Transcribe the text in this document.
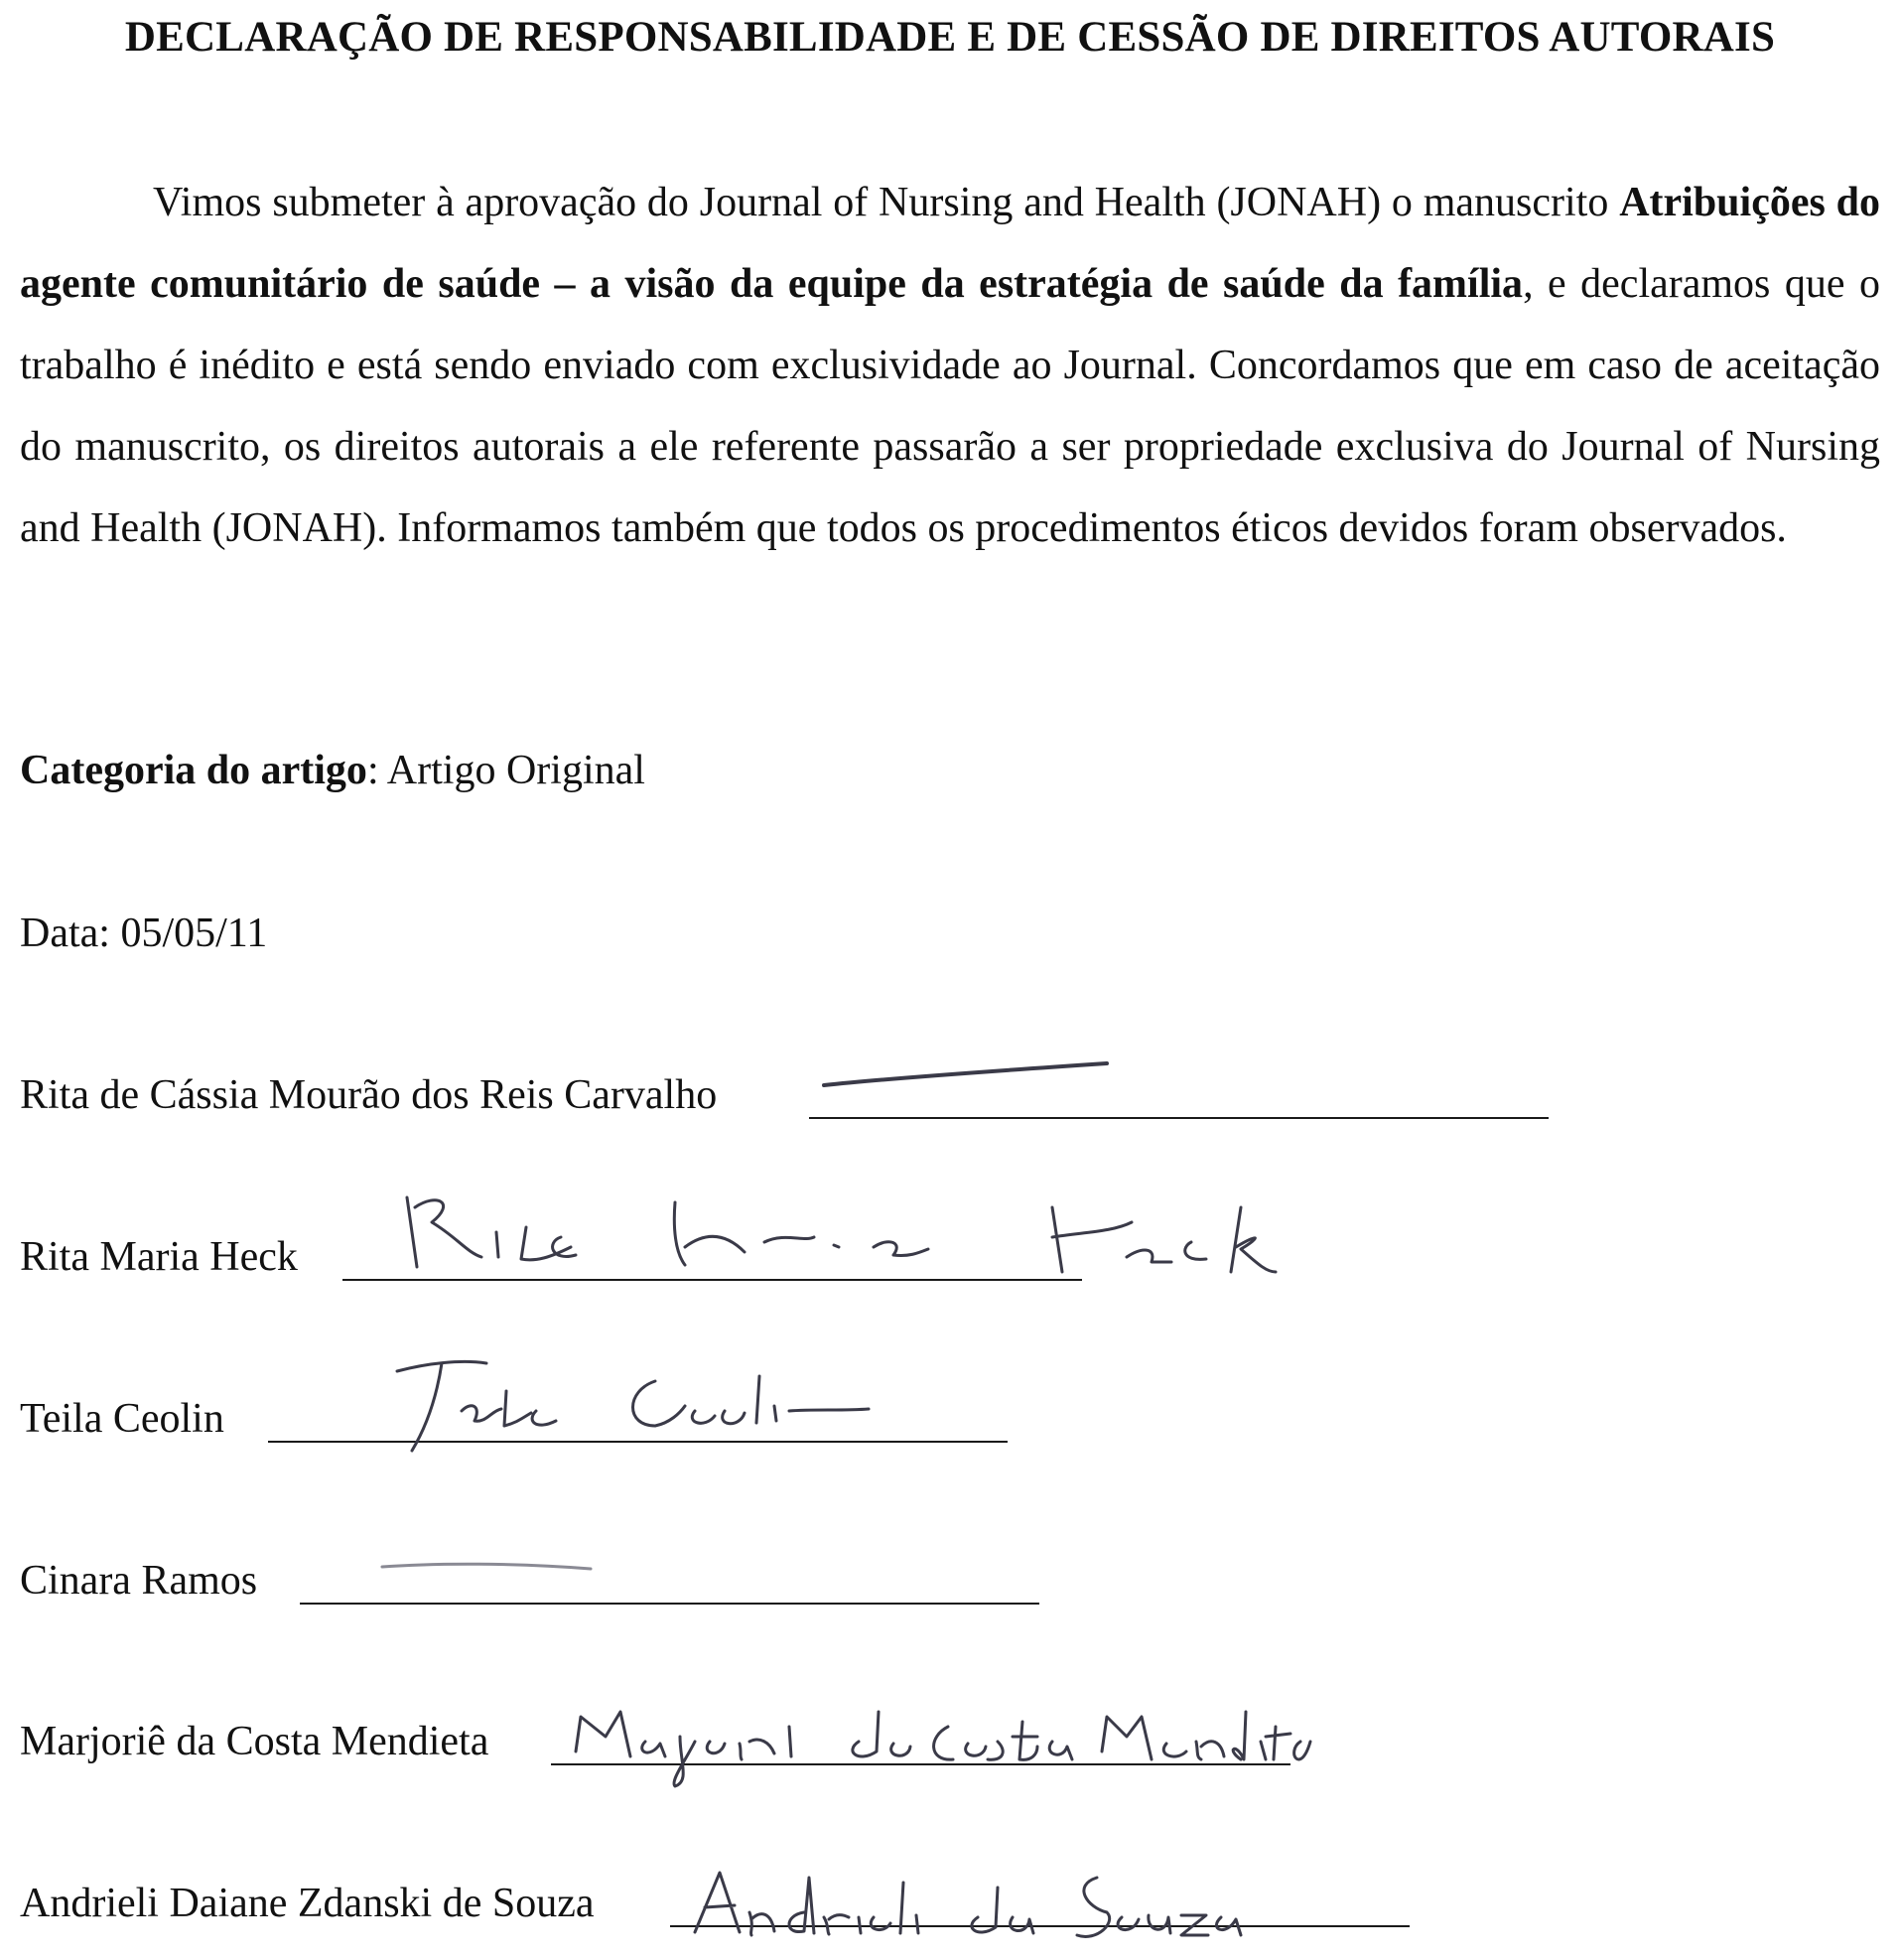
DECLARAÇÃO DE RESPONSABILIDADE E DE CESSÃO DE DIREITOS AUTORAIS

Vimos submeter à aprovação do Journal of Nursing and Health (JONAH) o manuscrito Atribuições do agente comunitário de saúde – a visão da equipe da estratégia de saúde da família, e declaramos que o trabalho é inédito e está sendo enviado com exclusividade ao Journal. Concordamos que em caso de aceitação do manuscrito, os direitos autorais a ele referente passarão a ser propriedade exclusiva do Journal of Nursing and Health (JONAH). Informamos também que todos os procedimentos éticos devidos foram observados.

Categoria do artigo: Artigo Original

Data: 05/05/11

Rita de Cássia Mourão dos Reis Carvalho
Rita Maria Heck
Teila Ceolin
Cinara Ramos
Marjoriê da Costa Mendieta
Andrieli Daiane Zdanski de Souza
